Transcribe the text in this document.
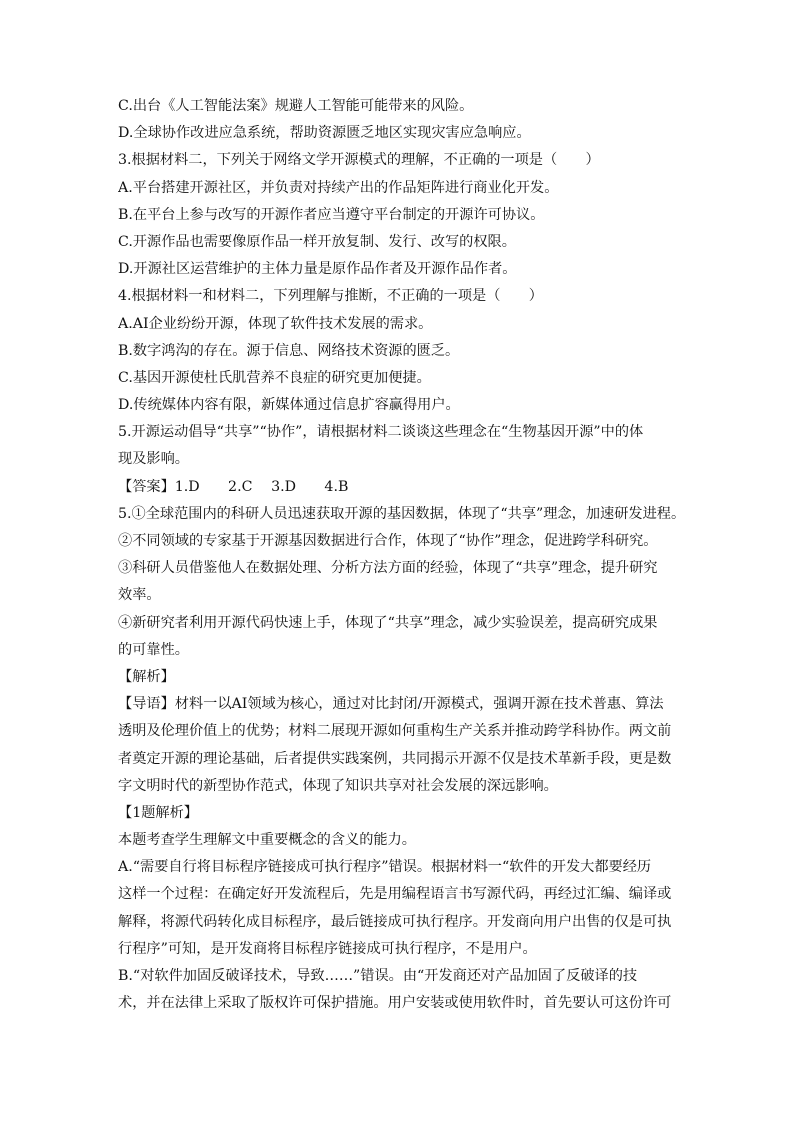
C.出台《人工智能法案》规避人工智能可能带来的风险。
D.全球协作改进应急系统，帮助资源匮乏地区实现灾害应急响应。
3.根据材料二，下列关于网络文学开源模式的理解，不正确的一项是（　　）
A.平台搭建开源社区，并负责对持续产出的作品矩阵进行商业化开发。
B.在平台上参与改写的开源作者应当遵守平台制定的开源许可协议。
C.开源作品也需要像原作品一样开放复制、发行、改写的权限。
D.开源社区运营维护的主体力量是原作品作者及开源作品作者。
4.根据材料一和材料二，下列理解与推断，不正确的一项是（　　）
A.AI企业纷纷开源，体现了软件技术发展的需求。
B.数字鸿沟的存在。源于信息、网络技术资源的匮乏。
C.基因开源使杜氏肌营养不良症的研究更加便捷。
D.传统媒体内容有限，新媒体通过信息扩容赢得用户。
5.开源运动倡导“共享”“协作”，请根据材料二谈谈这些理念在“生物基因开源”中的体
现及影响。
【答案】1.D　　2.C　 3.D　　4.B
5.①全球范围内的科研人员迅速获取开源的基因数据，体现了“共享”理念，加速研发进程。
②不同领域的专家基于开源基因数据进行合作，体现了“协作”理念，促进跨学科研究。
③科研人员借鉴他人在数据处理、分析方法方面的经验，体现了“共享”理念，提升研究
效率。
④新研究者利用开源代码快速上手，体现了“共享”理念，减少实验误差，提高研究成果
的可靠性。
【解析】
【导语】材料一以AI领域为核心，通过对比封闭/开源模式，强调开源在技术普惠、算法
透明及伦理价值上的优势；材料二展现开源如何重构生产关系并推动跨学科协作。两文前
者奠定开源的理论基础，后者提供实践案例，共同揭示开源不仅是技术革新手段，更是数
字文明时代的新型协作范式，体现了知识共享对社会发展的深远影响。
【1题解析】
本题考查学生理解文中重要概念的含义的能力。
A.“需要自行将目标程序链接成可执行程序”错误。根据材料一“软件的开发大都要经历
这样一个过程：在确定好开发流程后，先是用编程语言书写源代码，再经过汇编、编译或
解释，将源代码转化成目标程序，最后链接成可执行程序。开发商向用户出售的仅是可执
行程序”可知，是开发商将目标程序链接成可执行程序，不是用户。
B.“对软件加固反破译技术，导致……”错误。由“开发商还对产品加固了反破译的技
术，并在法律上采取了版权许可保护措施。用户安装或使用软件时，首先要认可这份许可
